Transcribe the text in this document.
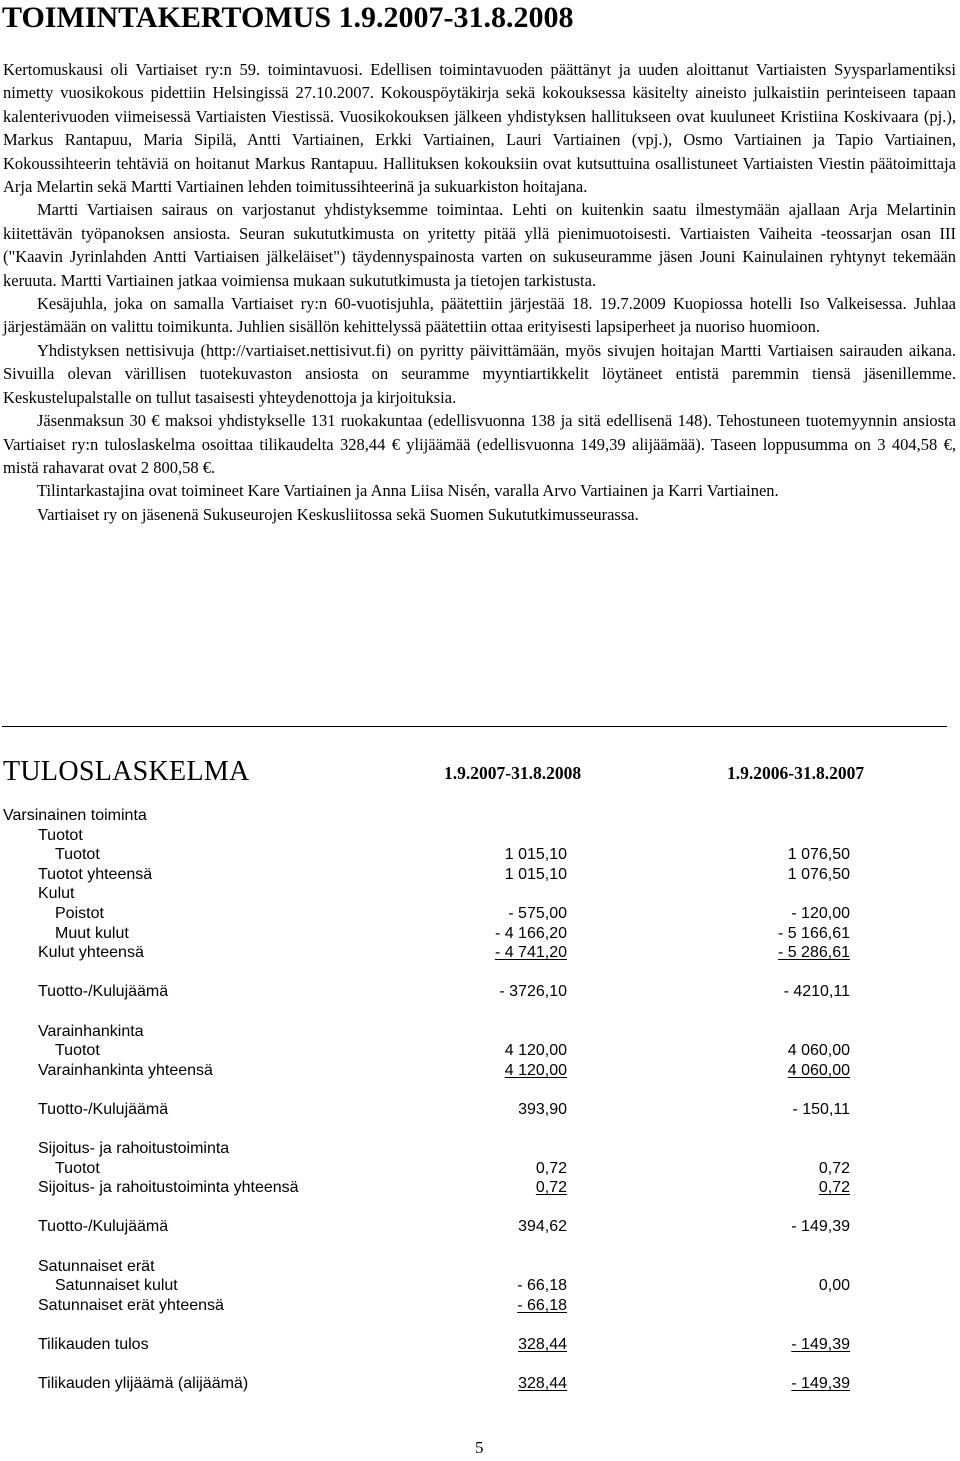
TOIMINTAKERTOMUS 1.9.2007-31.8.2008

Kertomuskausi oli Vartiaiset ry:n 59. toimintavuosi. Edellisen toimintavuoden päättänyt ja uuden aloittanut Vartiaisten Syysparlamentiksi nimetty vuosikokous pidettiin Helsingissä 27.10.2007. Kokouspöytäkirja sekä kokouksessa käsitelty aineisto julkaistiin perinteiseen tapaan kalenterivuoden viimeisessä Vartiaisten Viestissä. Vuosikokouksen jälkeen yhdistyksen hallitukseen ovat kuuluneet Kristiina Koskivaara (pj.), Markus Rantapuu, Maria Sipilä, Antti Vartiainen, Erkki Vartiainen, Lauri Vartiainen (vpj.), Osmo Vartiainen ja Tapio Vartiainen, Kokoussihteerin tehtäviä on hoitanut Markus Rantapuu. Hallituksen kokouksiin ovat kutsuttuina osallistuneet Vartiaisten Viestin päätoimittaja Arja Melartin sekä Martti Vartiainen lehden toimitussihteerinä ja sukuarkiston hoitajana.

Martti Vartiaisen sairaus on varjostanut yhdistyksemme toimintaa. Lehti on kuitenkin saatu ilmestymään ajallaan Arja Melartinin kiitettävän työpanoksen ansiosta. Seuran sukututkimusta on yritetty pitää yllä pienimuotoisesti. Vartiaisten Vaiheita -teossarjan osan III ("Kaavin Jyrinlahden Antti Vartiaisen jälkeläiset") täydennyspainosta varten on sukuseuramme jäsen Jouni Kainulainen ryhtynyt tekemään keruuta. Martti Vartiainen jatkaa voimiensa mukaan sukututkimusta ja tietojen tarkistusta.

Kesäjuhla, joka on samalla Vartiaiset ry:n 60-vuotisjuhla, päätettiin järjestää 18. 19.7.2009 Kuopiossa hotelli Iso Valkeisessa. Juhlaa järjestämään on valittu toimikunta. Juhlien sisällön kehittelyssä päätettiin ottaa erityisesti lapsiperheet ja nuoriso huomioon.

Yhdistyksen nettisivuja (http://vartiaiset.nettisivut.fi) on pyritty päivittämään, myös sivujen hoitajan Martti Vartiaisen sairauden aikana. Sivuilla olevan värillisen tuotekuvaston ansiosta on seuramme myyntiartikkelit löytäneet entistä paremmin tiensä jäsenillemme. Keskustelupalstalle on tullut tasaisesti yhteydenottoja ja kirjoituksia.

Jäsenmaksun 30 € maksoi yhdistykselle 131 ruokakuntaa (edellisvuonna 138 ja sitä edellisenä 148). Tehostuneen tuotemyynnin ansiosta Vartiaiset ry:n tuloslaskelma osoittaa tilikaudelta 328,44 € ylijäämää (edellisvuonna 149,39 alijäämää). Taseen loppusumma on 3 404,58 €, mistä rahavarat ovat 2 800,58 €.

Tilintarkastajina ovat toimineet Kare Vartiainen ja Anna Liisa Nisén, varalla Arvo Vartiainen ja Karri Vartiainen.

Vartiaiset ry on jäsenenä Sukuseurojen Keskusliitossa sekä Suomen Sukututkimusseurassa.

TULOSLASKELMA	1.9.2007-31.8.2008	1.9.2006-31.8.2007
Varsinainen toiminta
Tuotot
Tuotot	1 015,10	1 076,50
Tuotot yhteensä	1 015,10	1 076,50
Kulut
Poistot	- 575,00	- 120,00
Muut kulut	- 4 166,20	- 5 166,61
Kulut yhteensä	- 4 741,20	- 5 286,61
Tuotto-/Kulujäämä	- 3726,10	- 4210,11
Varainhankinta
Tuotot	4 120,00	4 060,00
Varainhankinta yhteensä	4 120,00	4 060,00
Tuotto-/Kulujäämä	393,90	- 150,11
Sijoitus- ja rahoitustoiminta
Tuotot	0,72	0,72
Sijoitus- ja rahoitustoiminta yhteensä	0,72	0,72
Tuotto-/Kulujäämä	394,62	- 149,39
Satunnaiset erät
Satunnaiset kulut	- 66,18	0,00
Satunnaiset erät yhteensä	- 66,18
Tilikauden tulos	328,44	- 149,39
Tilikauden ylijäämä (alijäämä)	328,44	- 149,39
5
